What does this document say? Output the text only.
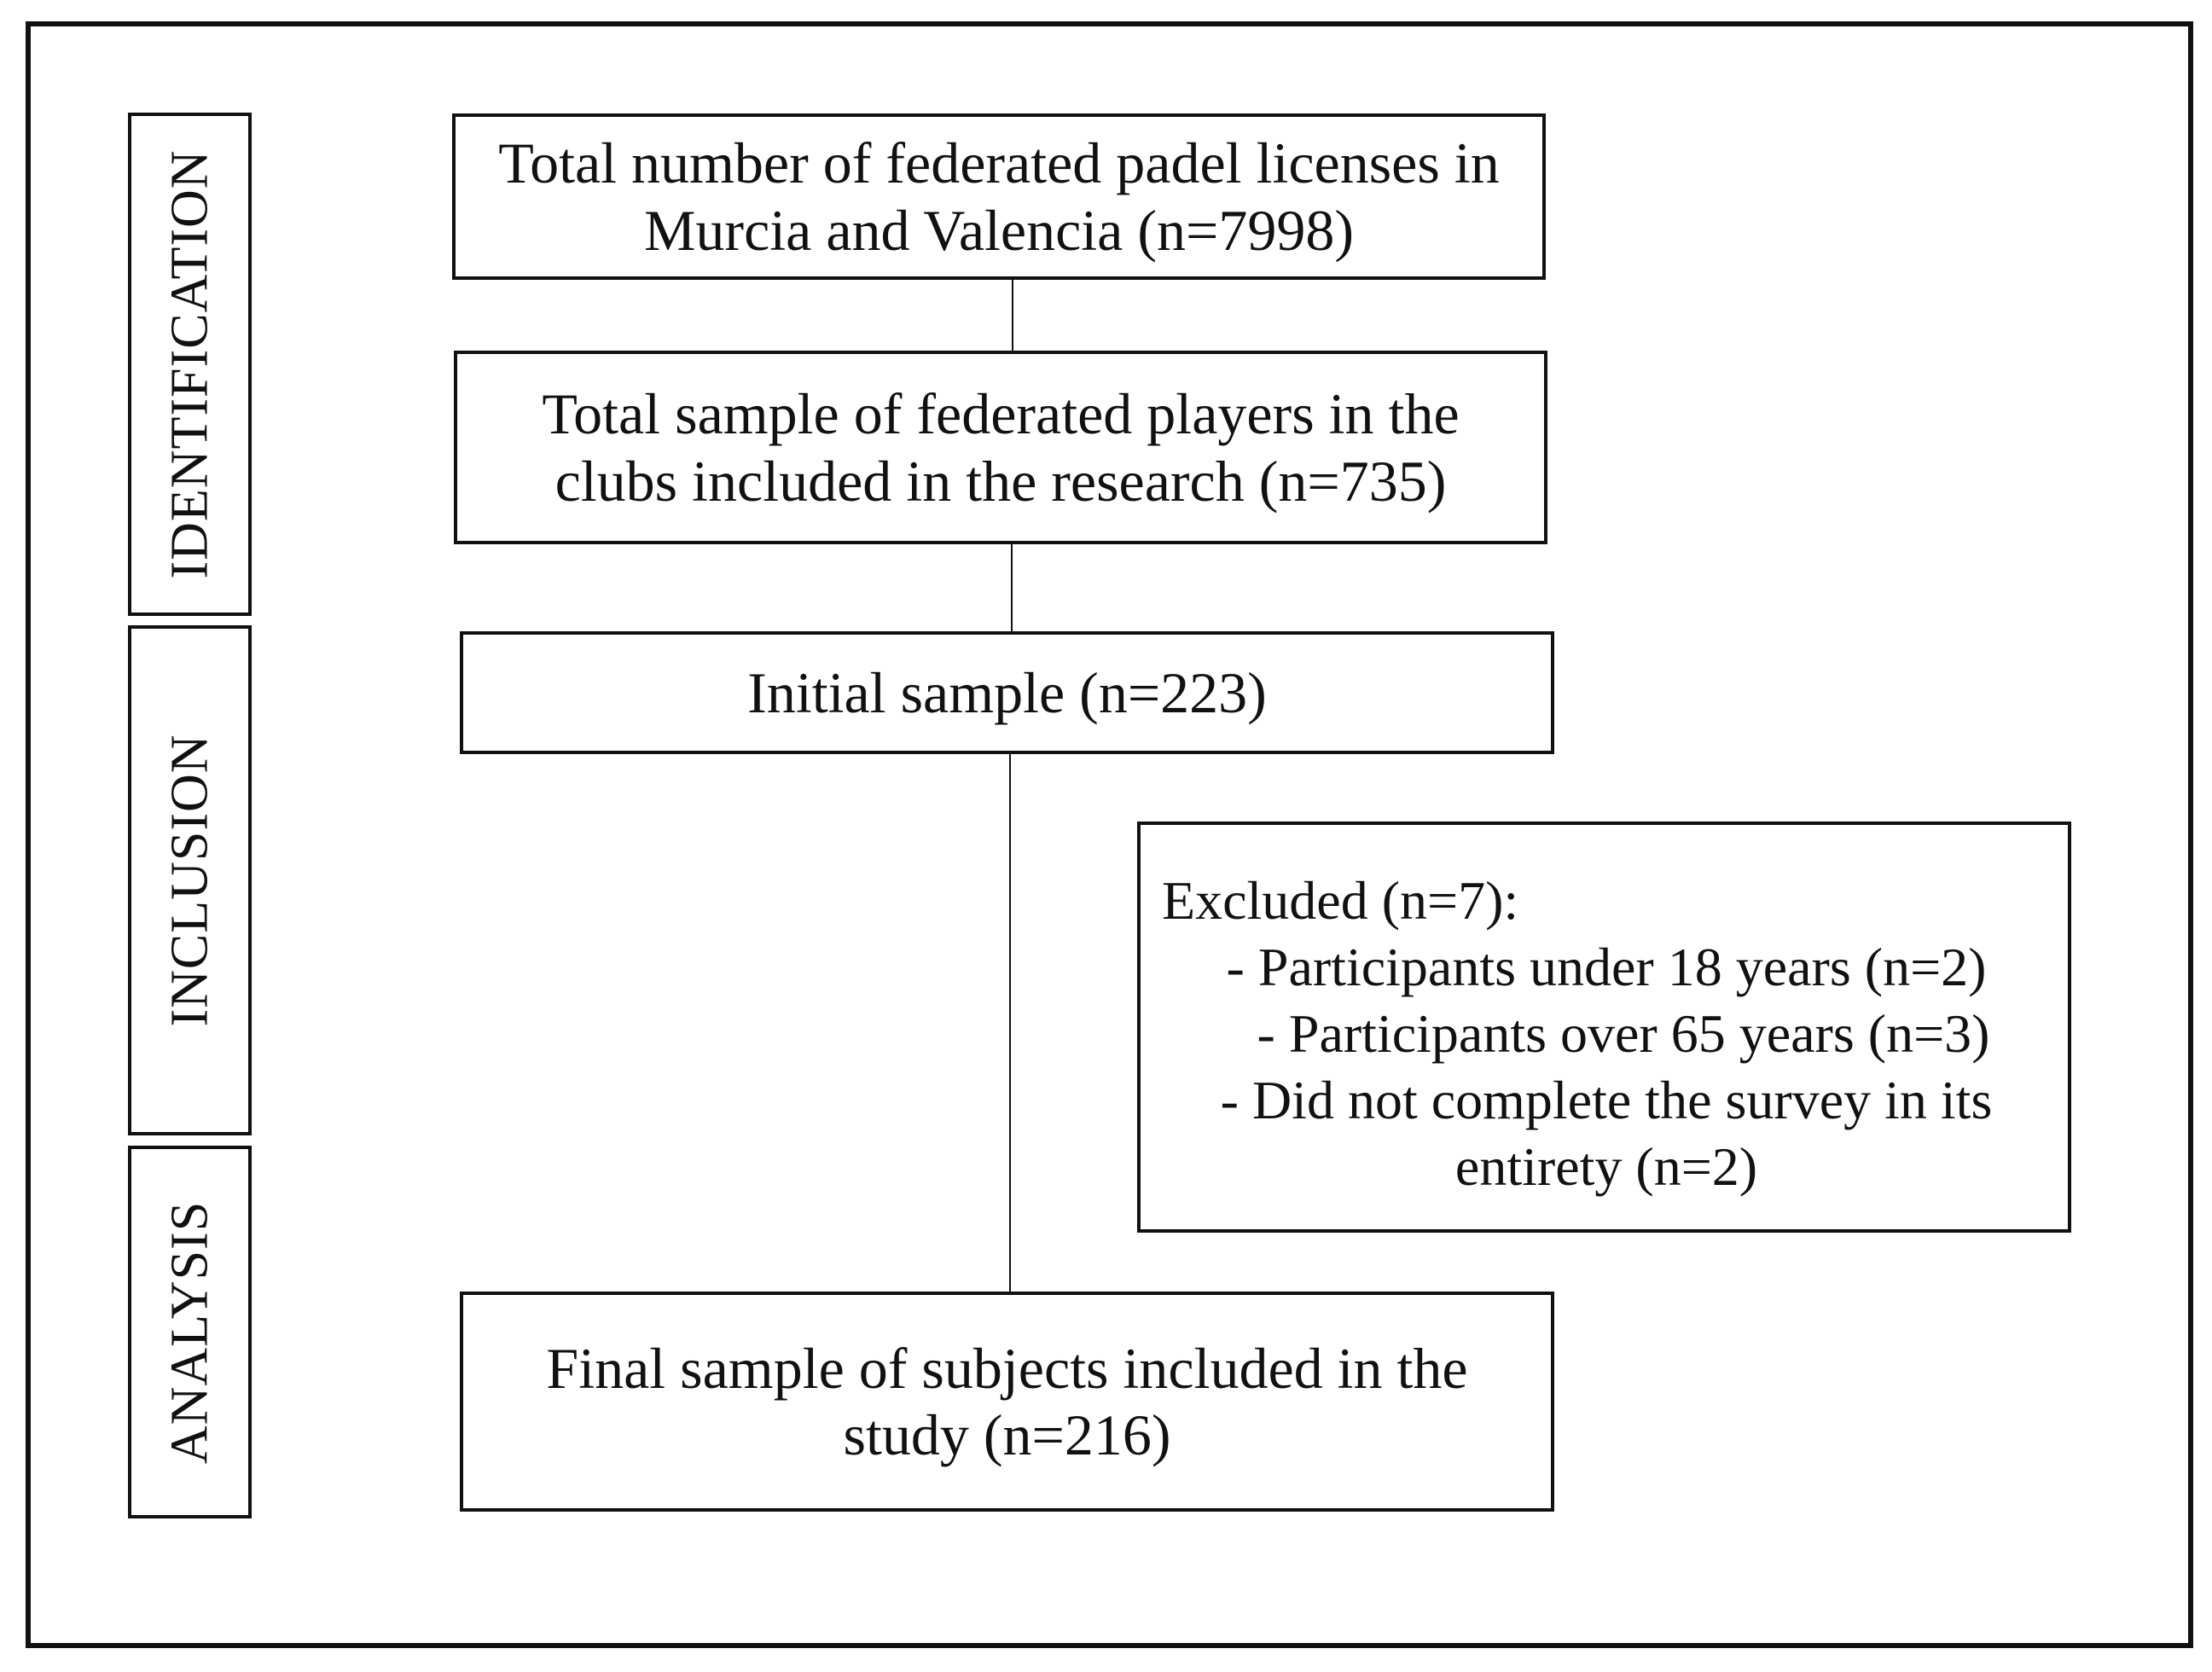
IDENTIFICATION
INCLUSION
ANALYSIS
Total number of federated padel licenses in
Murcia and Valencia (n=7998)
Total sample of federated players in the
clubs included in the research (n=735)
Initial sample (n=223)
Final sample of subjects included in the
study (n=216)
Excluded (n=7):
- Participants under 18 years (n=2)
- Participants over 65 years (n=3)
- Did not complete the survey in its
entirety (n=2)
